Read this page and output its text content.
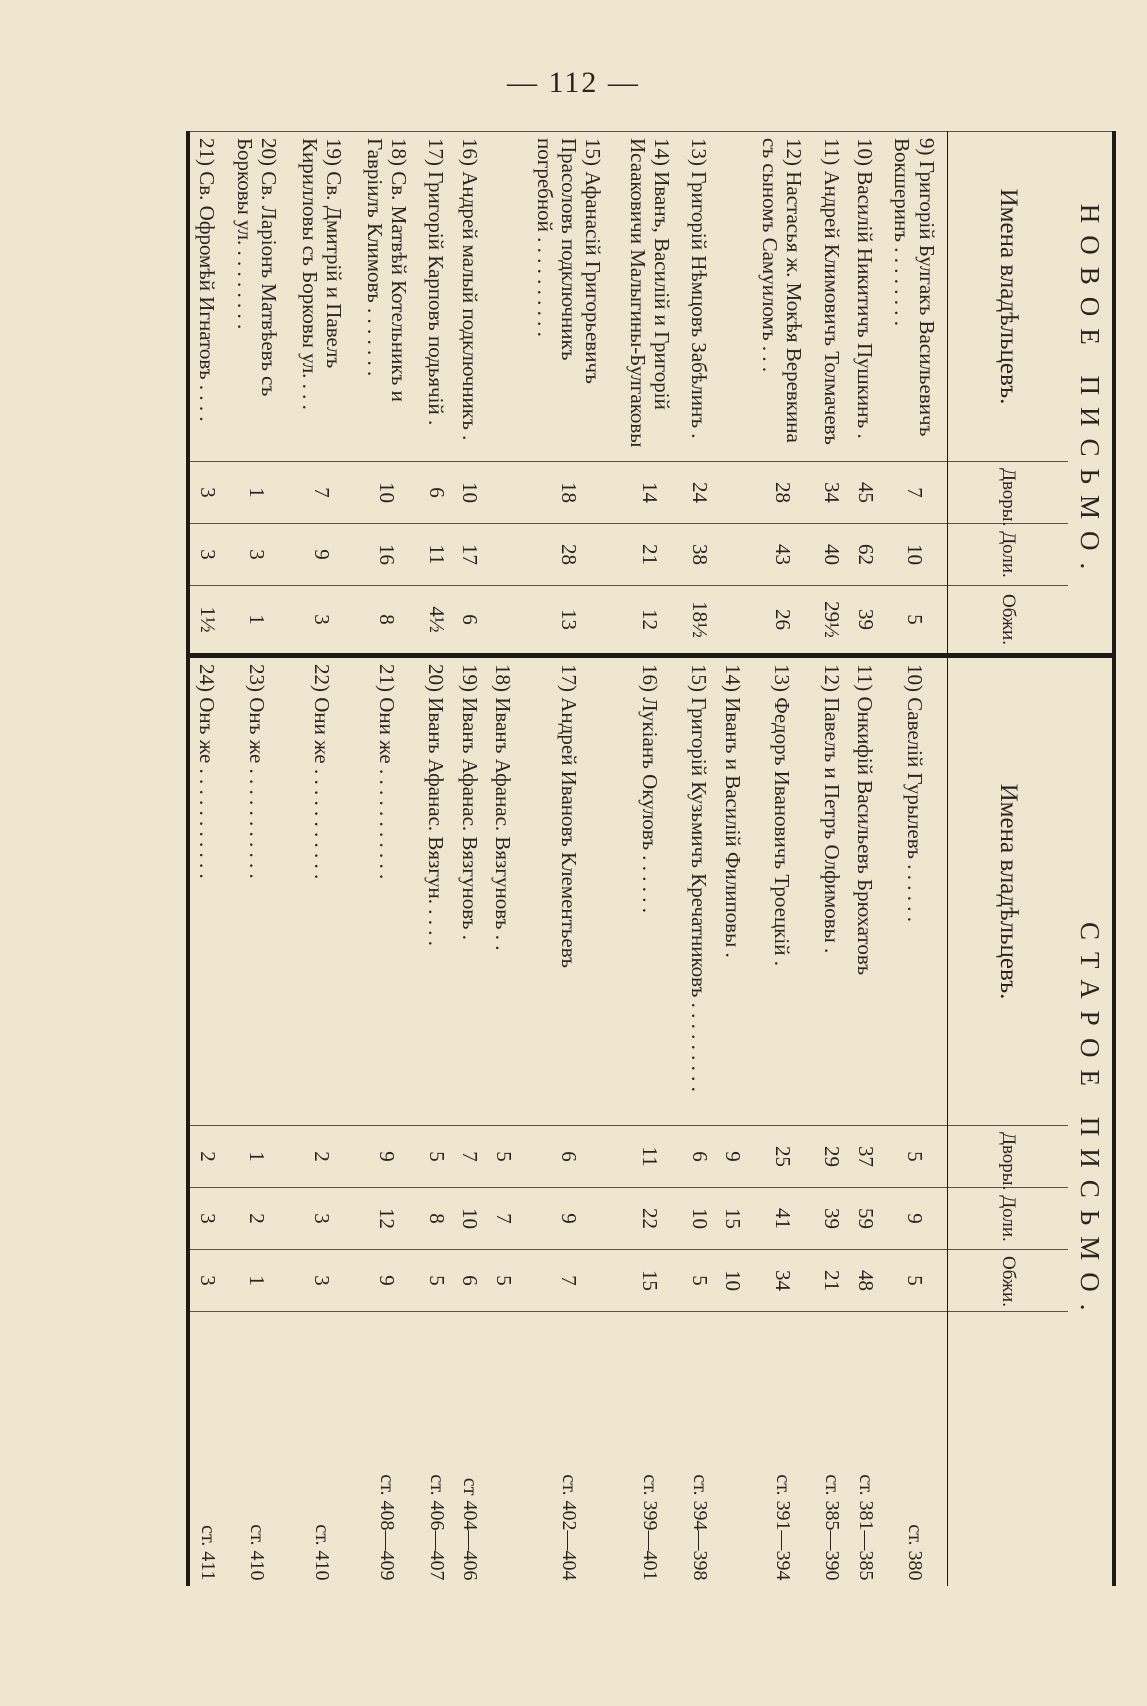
— 112 —
НОВОЕ ПИСЬМО.				СТАРОЕ ПИСЬМО.				
Имена владѣльцевъ.	Дворы.	Доли.	Обжи.	Имена владѣльцевъ.	Дворы.	Доли.	Обжи.	
9) Григорій Булгакъ Васильевичъ Вокшеринъ . . . . . . . .	7	10	5	10) Савелій Гурылевъ . . . . . .	5	9	5	ст. 380
10) Василій Никитичъ Пушкинъ .	45	62	39	11) Онкифій Васильевъ Брюхатовъ	37	59	48	ст. 381—385
11) Андрей Климовичъ Толмачевъ	34	40	29½	12) Павелъ и Петръ Олфимовы .	29	39	21	ст. 385—390
12) Настасья ж. Мокѣя Веревкина съ сыномъ Самуиломъ . . .	28	43	26	13) Федоръ Ивановичъ Троецкій .	25	41	34	ст. 391—394
				14) Иванъ и Василій Филиповы .	9	15	10	
13) Григорій Нѣмцовъ Забѣлинъ .	24	38	18½	15) Григорій Кузьмичъ Кречатниковъ . . . . . . . . .	6	10	5	ст. 394—398
14) Иванъ, Василій и Григорій Исааковичи Малыгины-Булгаковы	14	21	12	16) Лукіанъ Окуловъ . . . . . .	11	22	15	ст. 399—401
15) Афанасій Григорьевичъ Прасоловъ подключникъ погребной . . . . . . . . . .	18	28	13	17) Андрей Ивановъ Клементьевъ	6	9	7	ст. 402—404
				18) Иванъ Афанас. Вязгуновъ . .	5	7	5	
16) Андрей малый подключникъ .	10	17	6	19) Иванъ Афанас. Вязгуновъ .	7	10	6	ст 404—406
17) Григорій Карповъ подьячій .	6	11	4½	20) Иванъ Афанас. Вязгун. . . . .	5	8	5	ст. 406—407
18) Св. Матвѣй Котельникъ и Гавріилъ Климовъ . . . . . . .	10	16	8	21) Они же . . . . . . . . . . .	9	12	9	ст. 408—409
19) Св. Дмитрій и Павелъ Кирилловы съ Борковы ул. . . .	7	9	3	22) Они же . . . . . . . . . . .	2	3	3	ст. 410
20) Св. Ларіонъ Матвѣевъ съ Борковы ул. . . . . . . . .	1	3	1	23) Онъ же . . . . . . . . . . .	1	2	1	ст. 410
21) Св. Офромѣй Игнатовъ . . . .	3	3	1½	24) Онъ же . . . . . . . . . . .	2	3	3	ст. 411
